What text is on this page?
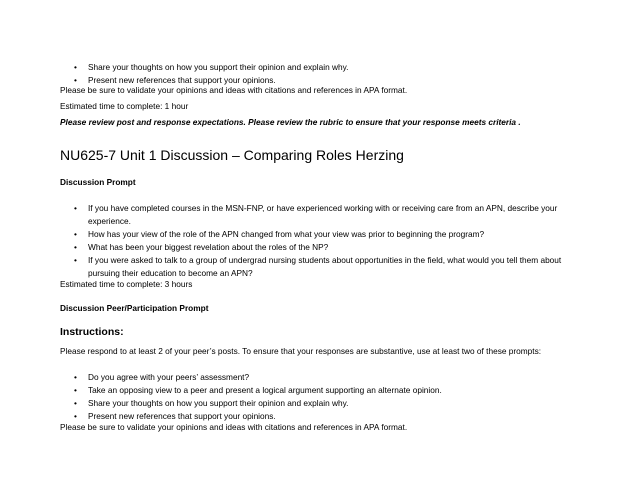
•Share your thoughts on how you support their opinion and explain why.
•Present new references that support your opinions.
Please be sure to validate your opinions and ideas with citations and references in APA format.
Estimated time to complete: 1 hour
Please review post and response expectations. Please review the rubric to ensure that your response meets criteria .
NU625-7 Unit 1 Discussion – Comparing Roles Herzing
Discussion Prompt
•If you have completed courses in the MSN-FNP, or have experienced working with or receiving care from an APN, describe your
experience.
•How has your view of the role of the APN changed from what your view was prior to beginning the program?
•What has been your biggest revelation about the roles of the NP?
•If you were asked to talk to a group of undergrad nursing students about opportunities in the field, what would you tell them about
pursuing their education to become an APN?
Estimated time to complete: 3 hours
Discussion Peer/Participation Prompt
Instructions:
Please respond to at least 2 of your peer’s posts. To ensure that your responses are substantive, use at least two of these prompts:
•Do you agree with your peers’ assessment?
•Take an opposing view to a peer and present a logical argument supporting an alternate opinion.
•Share your thoughts on how you support their opinion and explain why.
•Present new references that support your opinions.
Please be sure to validate your opinions and ideas with citations and references in APA format.
